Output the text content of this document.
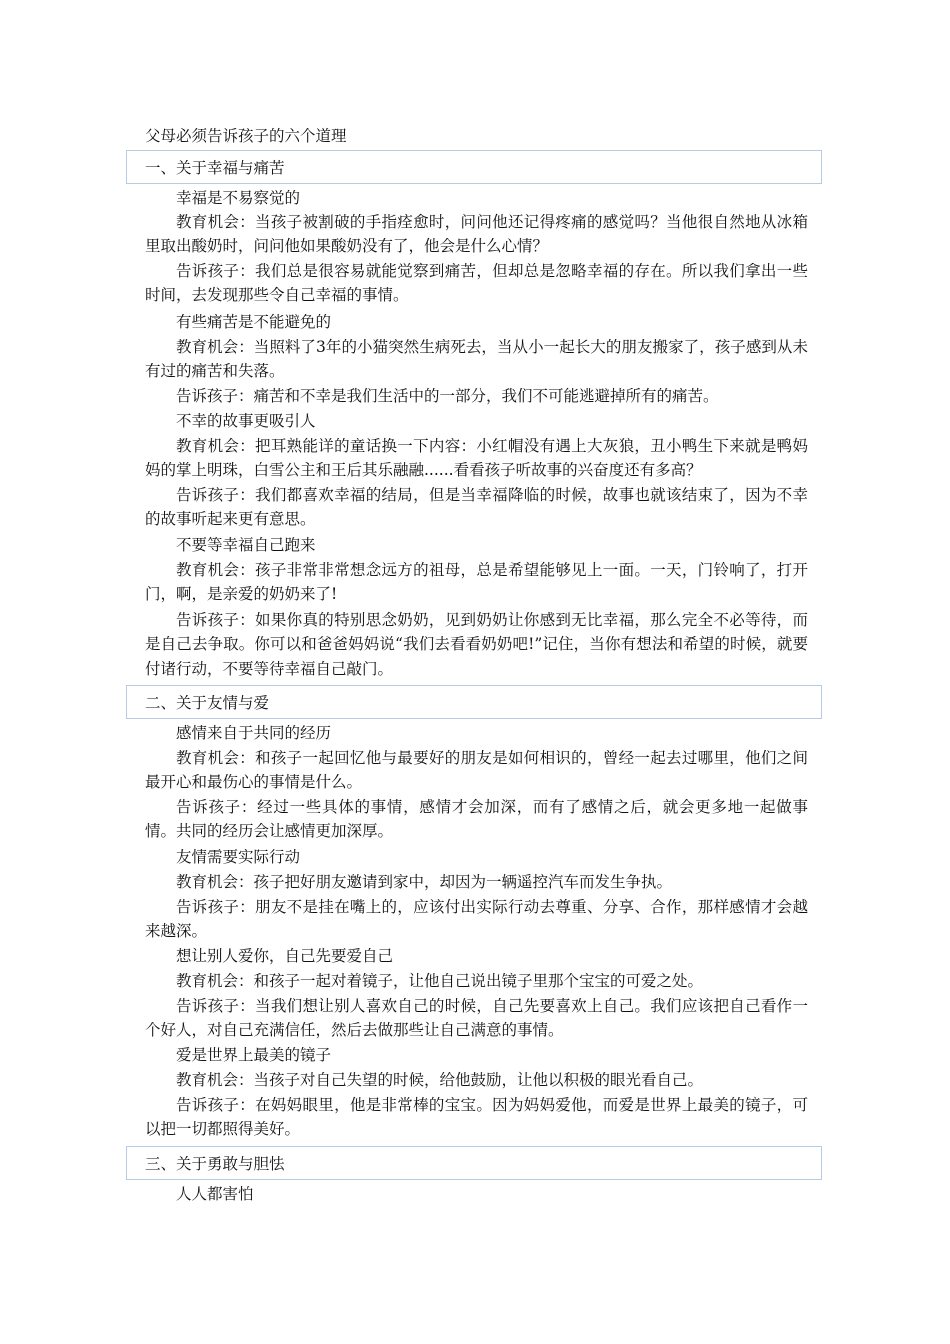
父母必须告诉孩子的六个道理
一、关于幸福与痛苦

幸福是不易察觉的

教育机会：当孩子被割破的手指痊愈时，问问他还记得疼痛的感觉吗？当他很自然地从冰箱里取出酸奶时，问问他如果酸奶没有了，他会是什么心情？

告诉孩子：我们总是很容易就能觉察到痛苦，但却总是忽略幸福的存在。所以我们拿出一些时间，去发现那些令自己幸福的事情。

有些痛苦是不能避免的

教育机会：当照料了3年的小猫突然生病死去，当从小一起长大的朋友搬家了，孩子感到从未有过的痛苦和失落。

告诉孩子：痛苦和不幸是我们生活中的一部分，我们不可能逃避掉所有的痛苦。

不幸的故事更吸引人

教育机会：把耳熟能详的童话换一下内容：小红帽没有遇上大灰狼，丑小鸭生下来就是鸭妈妈的掌上明珠，白雪公主和王后其乐融融......看看孩子听故事的兴奋度还有多高？

告诉孩子：我们都喜欢幸福的结局，但是当幸福降临的时候，故事也就该结束了，因为不幸的故事听起来更有意思。

不要等幸福自己跑来

教育机会：孩子非常非常想念远方的祖母，总是希望能够见上一面。一天，门铃响了，打开门，啊，是亲爱的奶奶来了!

告诉孩子：如果你真的特别思念奶奶，见到奶奶让你感到无比幸福，那么完全不必等待，而是自己去争取。你可以和爸爸妈妈说“我们去看看奶奶吧!”记住，当你有想法和希望的时候，就要付诸行动，不要等待幸福自己敲门。

二、关于友情与爱

感情来自于共同的经历

教育机会：和孩子一起回忆他与最要好的朋友是如何相识的，曾经一起去过哪里，他们之间最开心和最伤心的事情是什么。

告诉孩子：经过一些具体的事情，感情才会加深，而有了感情之后，就会更多地一起做事情。共同的经历会让感情更加深厚。

友情需要实际行动

教育机会：孩子把好朋友邀请到家中，却因为一辆遥控汽车而发生争执。

告诉孩子：朋友不是挂在嘴上的，应该付出实际行动去尊重、分享、合作，那样感情才会越来越深。

想让别人爱你，自己先要爱自己

教育机会：和孩子一起对着镜子，让他自己说出镜子里那个宝宝的可爱之处。

告诉孩子：当我们想让别人喜欢自己的时候，自己先要喜欢上自己。我们应该把自己看作一个好人，对自己充满信任，然后去做那些让自己满意的事情。

爱是世界上最美的镜子

教育机会：当孩子对自己失望的时候，给他鼓励，让他以积极的眼光看自己。

告诉孩子：在妈妈眼里，他是非常棒的宝宝。因为妈妈爱他，而爱是世界上最美的镜子，可以把一切都照得美好。

三、关于勇敢与胆怯

人人都害怕
